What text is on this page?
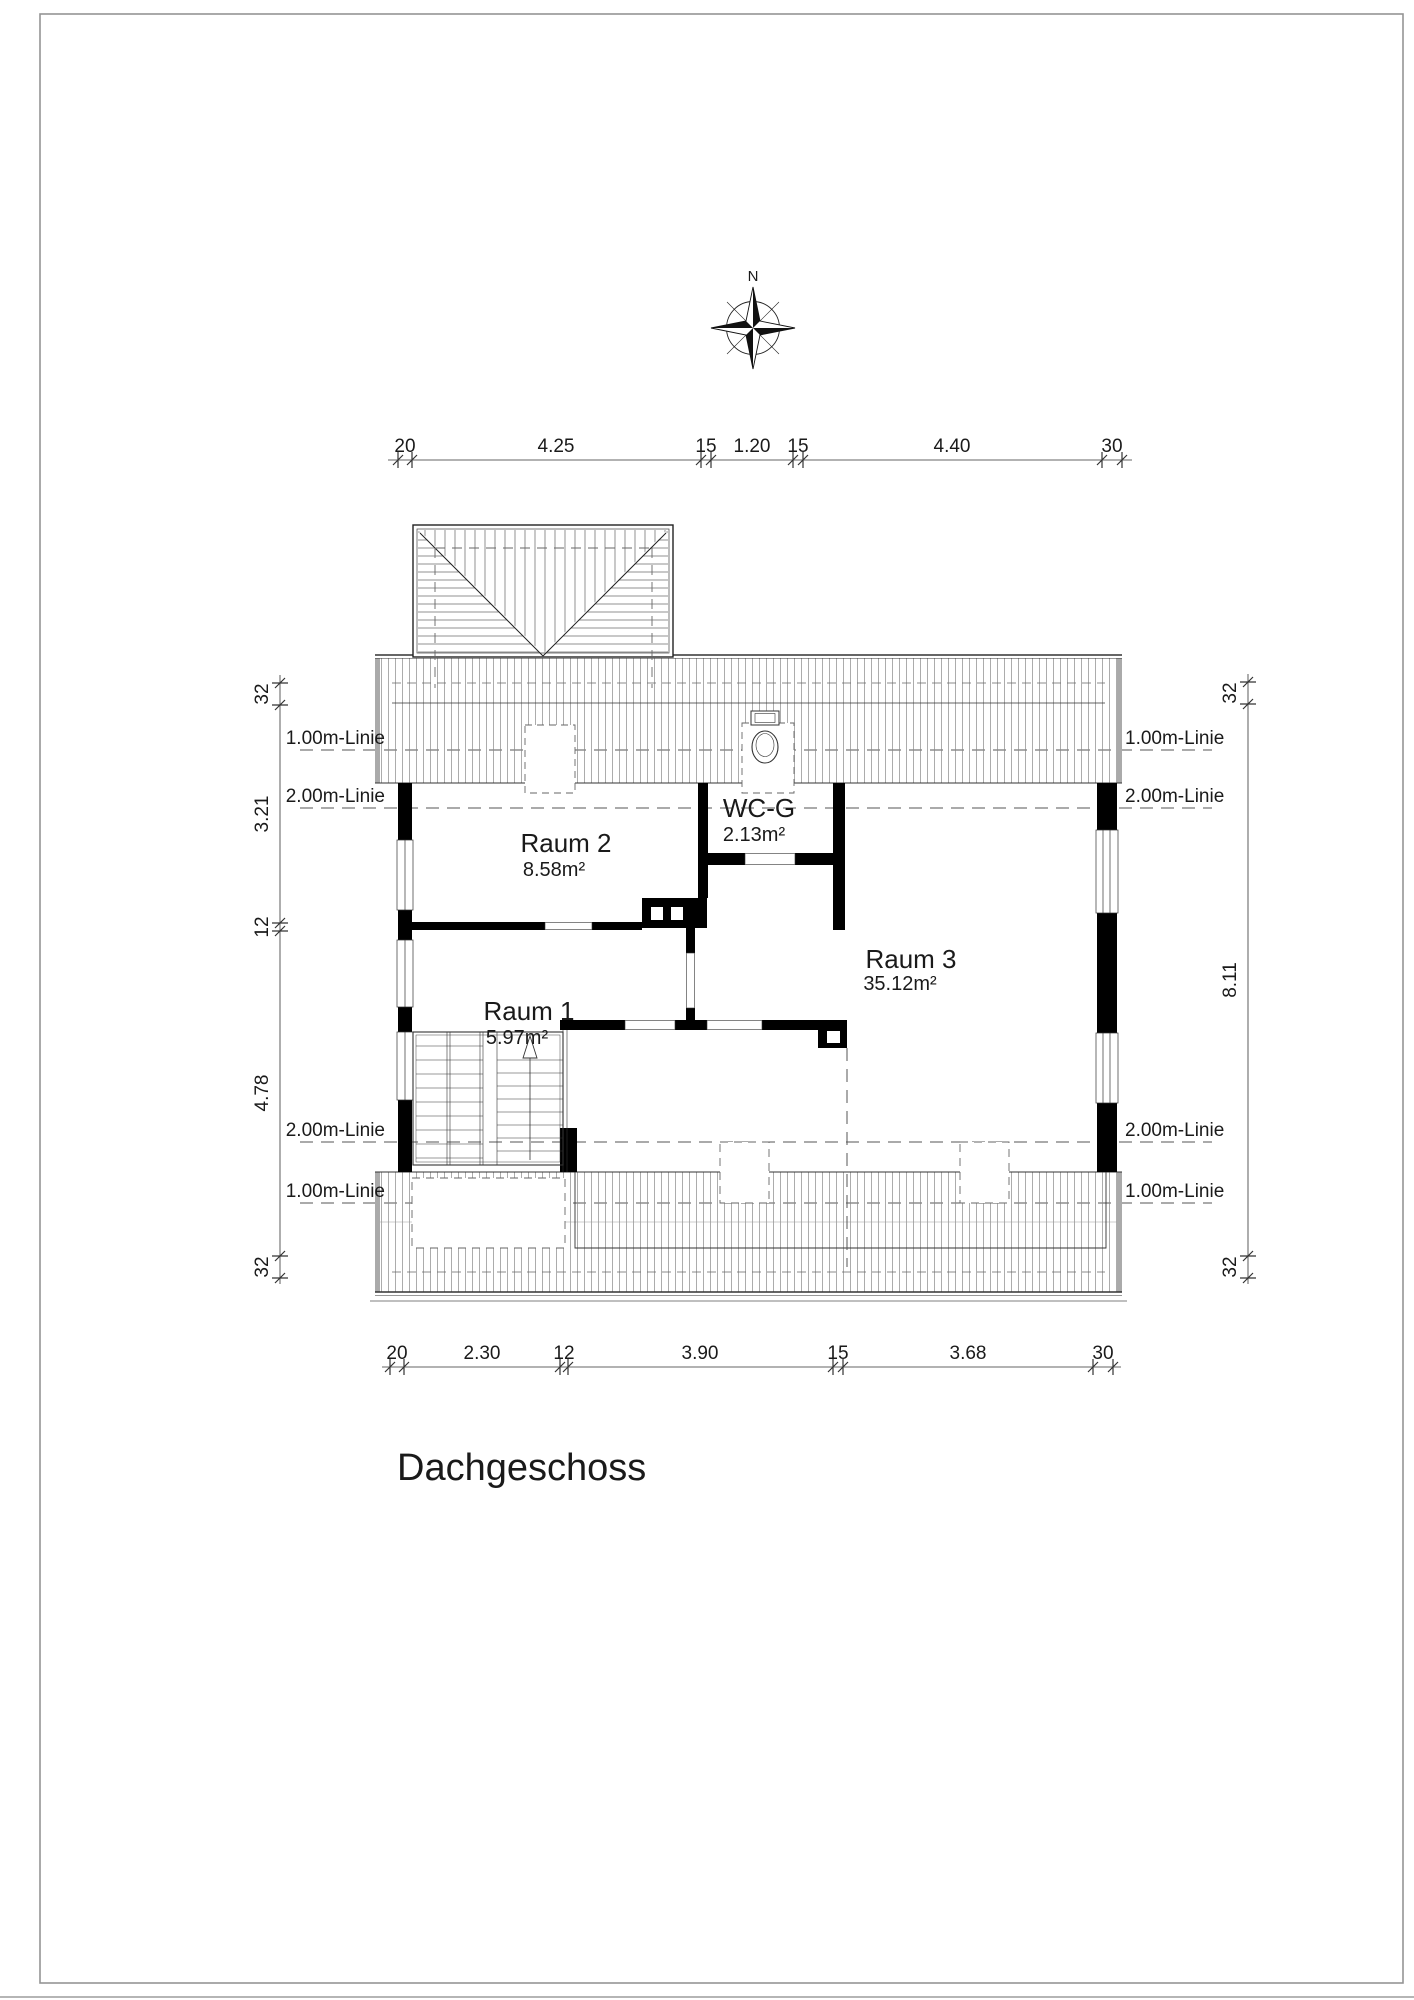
N
20	4.25	15 1.20 15	4.40	30
20	2.30	12	3.90	15	3.68	30
32
3.21
12
4.78
32
32
8.11
32
1.00m-Linie
2.00m-Linie
2.00m-Linie
1.00m-Linie
1.00m-Linie
2.00m-Linie
2.00m-Linie
1.00m-Linie
Raum 2
8.58m²
WC-G
2.13m²
Raum 1
5.97m²
Raum 3
35.12m²
Dachgeschoss
